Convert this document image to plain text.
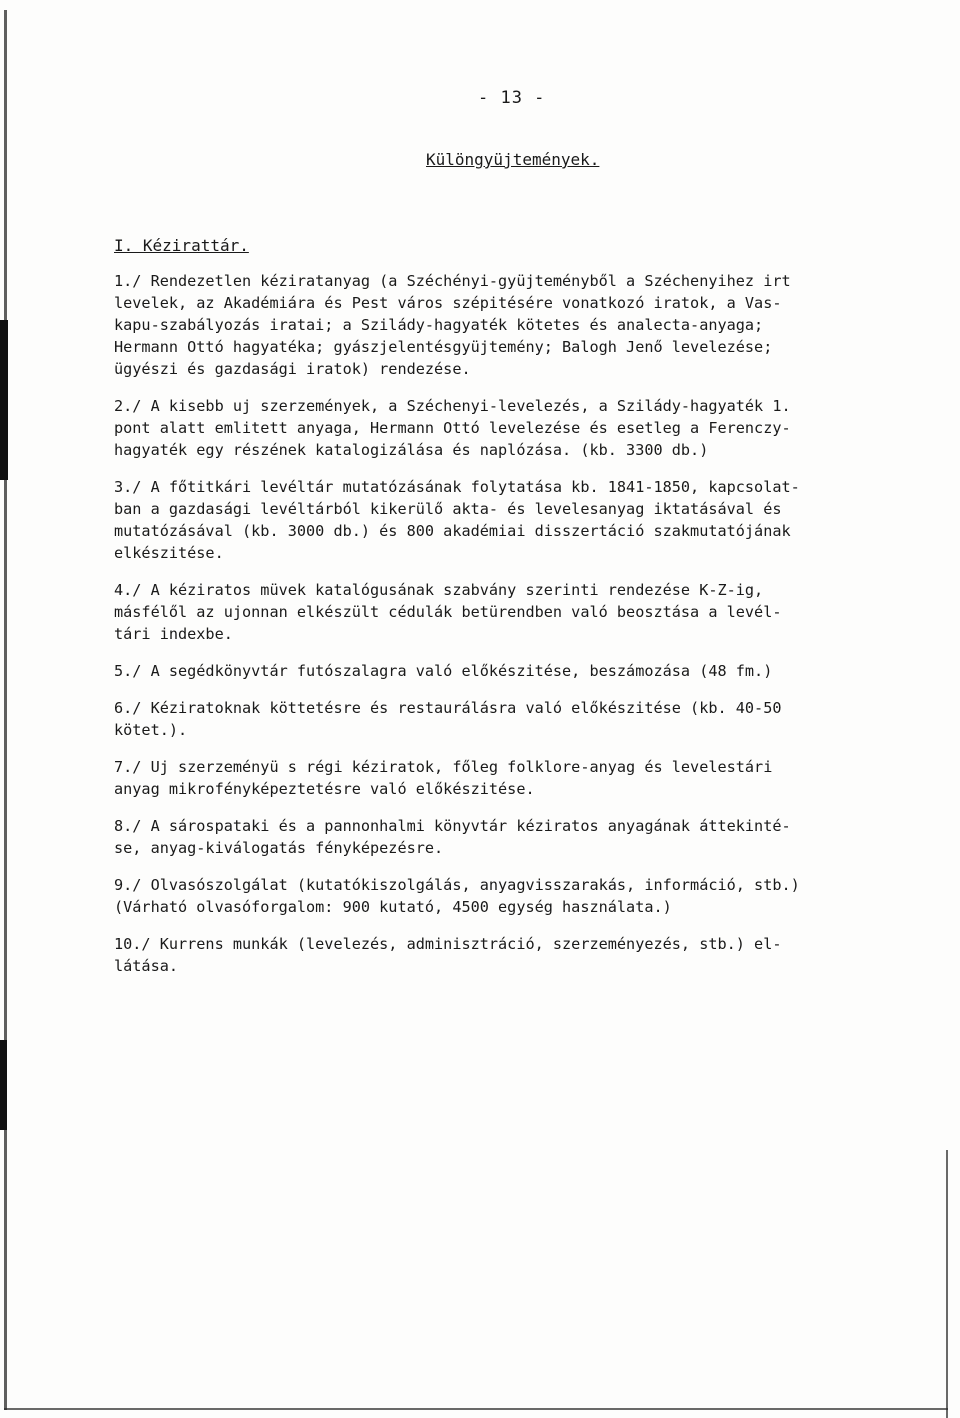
- 13 -
Különgyüjtemények.
I. Kézirattár.

1./ Rendezetlen kéziratanyag (a Széchényi-gyüjteményből a Széchenyihez irt
levelek, az Akadémiára és Pest város szépitésére vonatkozó iratok, a Vas-
kapu-szabályozás iratai; a Szilády-hagyaték kötetes és analecta-anyaga;
Hermann Ottó hagyatéka; gyászjelentésgyüjtemény; Balogh Jenő levelezése;
ügyészi és gazdasági iratok) rendezése.

2./ A kisebb uj szerzemények, a Széchenyi-levelezés, a Szilády-hagyaték 1.
pont alatt emlitett anyaga, Hermann Ottó levelezése és esetleg a Ferenczy-
hagyaték egy részének katalogizálása és naplózása. (kb. 3300 db.)

3./ A főtitkári levéltár mutatózásának folytatása kb. 1841-1850, kapcsolat-
ban a gazdasági levéltárból kikerülő akta- és levelesanyag iktatásával és
mutatózásával (kb. 3000 db.) és 800 akadémiai disszertáció szakmutatójának
elkészitése.

4./ A kéziratos müvek katalógusának szabvány szerinti rendezése K-Z-ig,
másfélől az ujonnan elkészült cédulák betürendben való beosztása a levél-
tári indexbe.

5./ A segédkönyvtár futószalagra való előkészitése, beszámozása (48 fm.)

6./ Kéziratoknak köttetésre és restaurálásra való előkészitése (kb. 40-50
kötet.).

7./ Uj szerzeményü s régi kéziratok, főleg folklore-anyag és levelestári
anyag mikrofényképeztetésre való előkészitése.

8./ A sárospataki és a pannonhalmi könyvtár kéziratos anyagának áttekinté-
se, anyag-kiválogatás fényképezésre.

9./ Olvasószolgálat (kutatókiszolgálás, anyagvisszarakás, információ, stb.)
(Várható olvasóforgalom: 900 kutató, 4500 egység használata.)

10./ Kurrens munkák (levelezés, adminisztráció, szerzeményezés, stb.) el-
látása.
